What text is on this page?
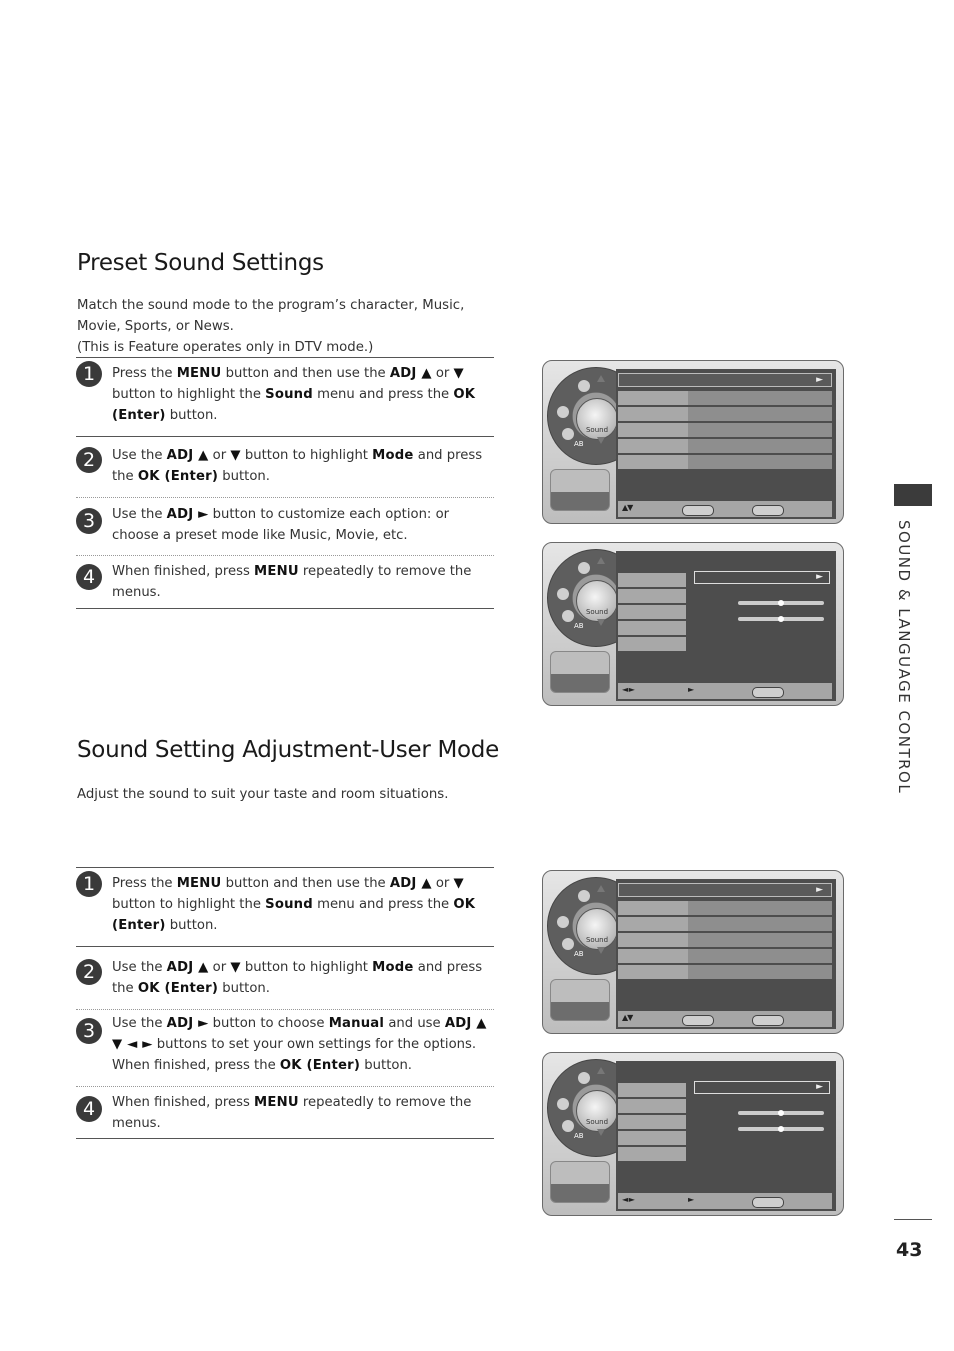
Preset Sound Settings
Match the sound mode to the program’s character, Music,
Movie, Sports, or News.
(This is Feature operates only in DTV mode.)
1	Press the MENU button and then use the ADJ ▲ or ▼ button to highlight the Sound menu and press the OK (Enter) button.
2	Use the ADJ ▲ or ▼ button to highlight Mode and press the OK (Enter) button.
3	Use the ADJ ► button to customize each option: or choose a preset mode like Music, Movie, etc.
4	When finished, press MENU repeatedly to remove the menus.
Sound Setting Adjustment-User Mode
Adjust the sound to suit your taste and room situations.
1	Press the MENU button and then use the ADJ ▲ or ▼ button to highlight the Sound menu and press the OK (Enter) button.
2	Use the ADJ ▲ or ▼ button to highlight Mode and press the OK (Enter) button.
3	Use the ADJ ► button to choose Manual and use ADJ ▲ ▼ ◄ ► buttons to set your own settings for the options. When finished, press the OK (Enter) button.
4	When finished, press MENU repeatedly to remove the menus.
AB
Sound
►
▲▼
AB
Sound
►
◄ ►	►
AB
Sound
►
▲▼
AB
Sound
►
◄ ►	►
SOUND & LANGUAGE CONTROL
43
